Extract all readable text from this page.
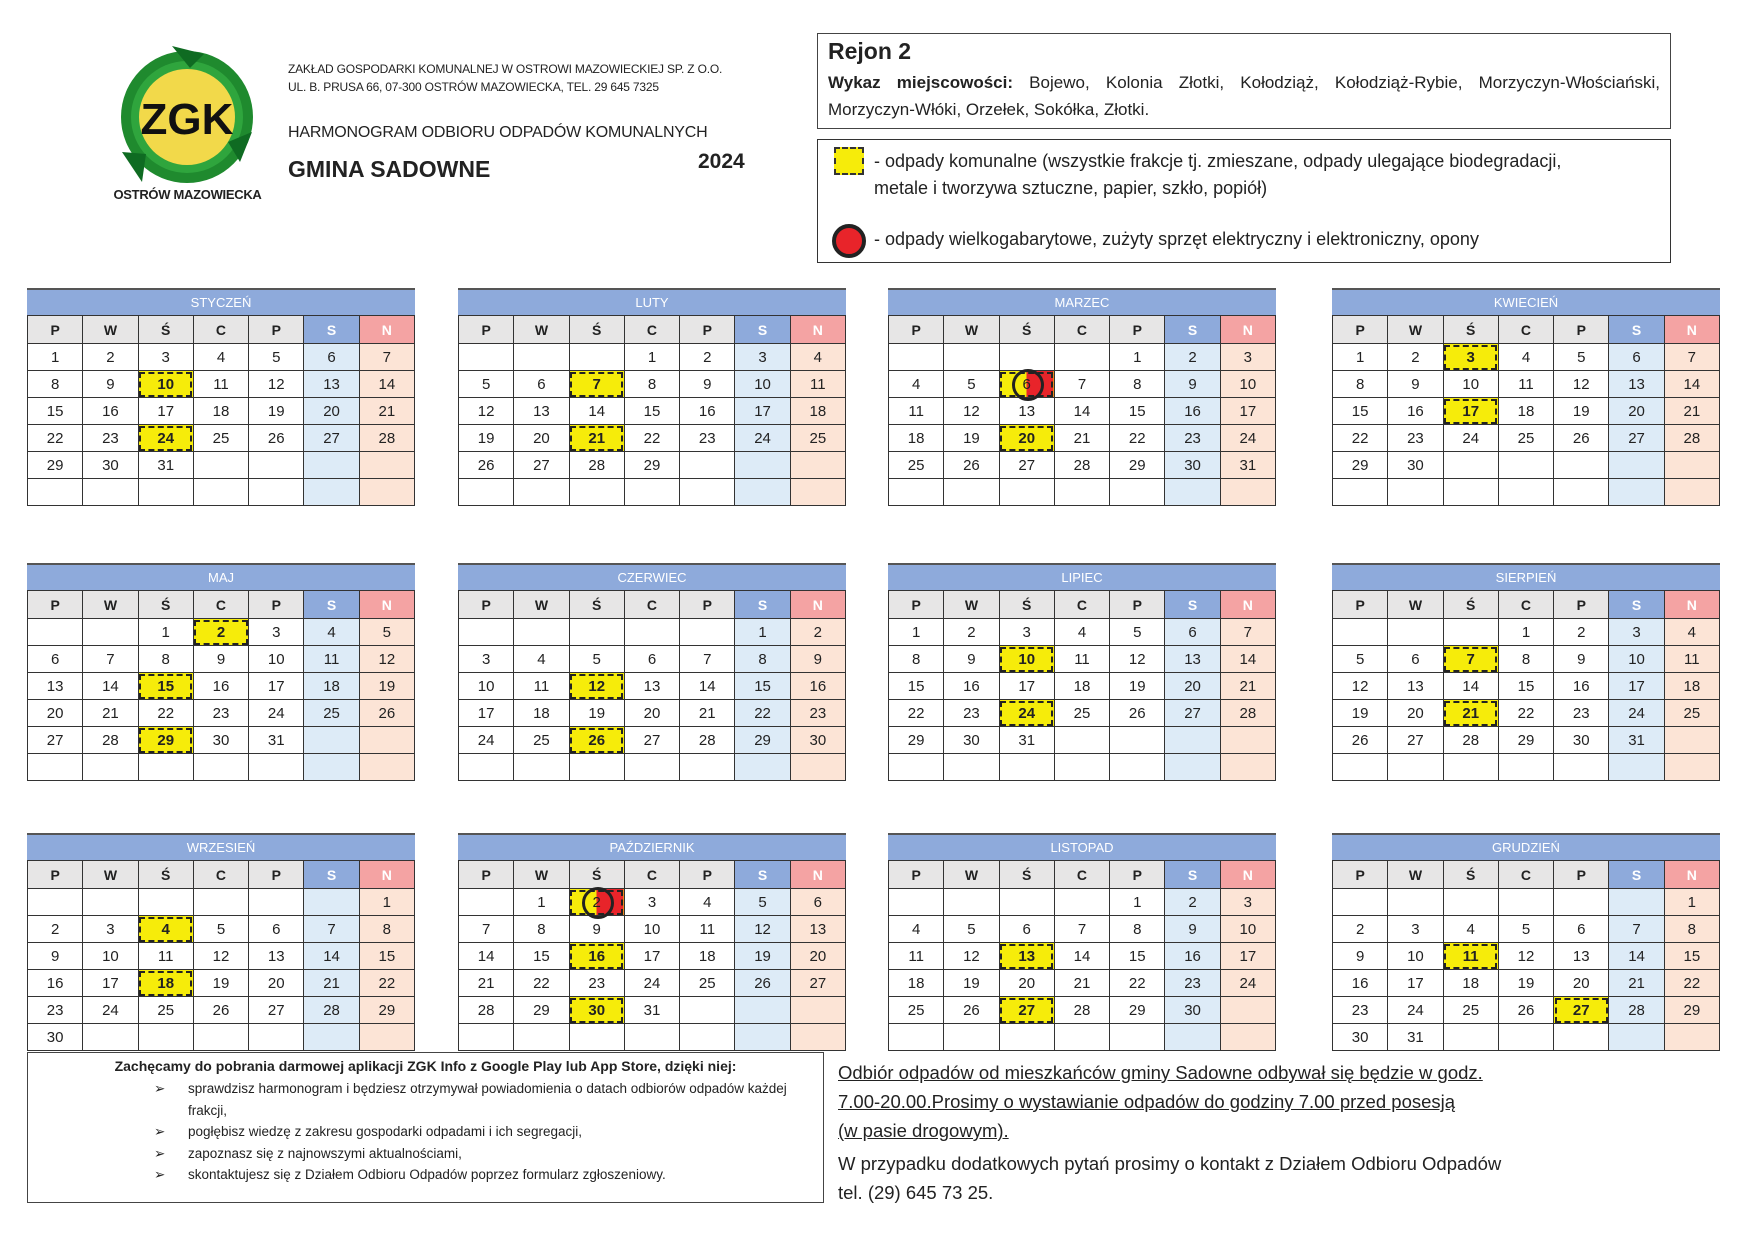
ZGK
OSTRÓW MAZOWIECKA
ZAKŁAD GOSPODARKI KOMUNALNEJ W OSTROWI MAZOWIECKIEJ SP. Z O.O.
UL. B. PRUSA 66, 07-300 OSTRÓW MAZOWIECKA, TEL. 29 645 7325
HARMONOGRAM ODBIORU ODPADÓW KOMUNALNYCH
GMINA SADOWNE	2024
Rejon 2
Wykaz miejscowości: Bojewo, Kolonia Złotki, Kołodziąż, Kołodziąż-Rybie, Morzyczyn-Włościański, Morzyczyn-Włóki, Orzełek, Sokółka, Złotki.
- odpady komunalne (wszystkie frakcje tj. zmieszane, odpady ulegające biodegradacji, metale i tworzywa sztuczne, papier, szkło, popiół)
- odpady wielkogabarytowe, zużyty sprzęt elektryczny i elektroniczny, opony
STYCZEŃ
P	W	Ś	C	P	S	N
1	2	3	4	5	6	7
8	9	10	11	12	13	14
15	16	17	18	19	20	21
22	23	24	25	26	27	28
29	30	31				

LUTY
P	W	Ś	C	P	S	N
			1	2	3	4
5	6	7	8	9	10	11
12	13	14	15	16	17	18
19	20	21	22	23	24	25
26	27	28	29			

MARZEC
P	W	Ś	C	P	S	N
				1	2	3
4	5	6	7	8	9	10
11	12	13	14	15	16	17
18	19	20	21	22	23	24
25	26	27	28	29	30	31

KWIECIEŃ
P	W	Ś	C	P	S	N
1	2	3	4	5	6	7
8	9	10	11	12	13	14
15	16	17	18	19	20	21
22	23	24	25	26	27	28
29	30					

MAJ
P	W	Ś	C	P	S	N
		1	2	3	4	5
6	7	8	9	10	11	12
13	14	15	16	17	18	19
20	21	22	23	24	25	26
27	28	29	30	31		

CZERWIEC
P	W	Ś	C	P	S	N
					1	2
3	4	5	6	7	8	9
10	11	12	13	14	15	16
17	18	19	20	21	22	23
24	25	26	27	28	29	30

LIPIEC
P	W	Ś	C	P	S	N
1	2	3	4	5	6	7
8	9	10	11	12	13	14
15	16	17	18	19	20	21
22	23	24	25	26	27	28
29	30	31				

SIERPIEŃ
P	W	Ś	C	P	S	N
			1	2	3	4
5	6	7	8	9	10	11
12	13	14	15	16	17	18
19	20	21	22	23	24	25
26	27	28	29	30	31	

WRZESIEŃ
P	W	Ś	C	P	S	N
						1
2	3	4	5	6	7	8
9	10	11	12	13	14	15
16	17	18	19	20	21	22
23	24	25	26	27	28	29
30						
PAŹDZIERNIK
P	W	Ś	C	P	S	N
	1	2	3	4	5	6
7	8	9	10	11	12	13
14	15	16	17	18	19	20
21	22	23	24	25	26	27
28	29	30	31			

LISTOPAD
P	W	Ś	C	P	S	N
				1	2	3
4	5	6	7	8	9	10
11	12	13	14	15	16	17
18	19	20	21	22	23	24
25	26	27	28	29	30	

GRUDZIEŃ
P	W	Ś	C	P	S	N
						1
2	3	4	5	6	7	8
9	10	11	12	13	14	15
16	17	18	19	20	21	22
23	24	25	26	27	28	29
30	31					
Zachęcamy do pobrania darmowej aplikacji ZGK Info z Google Play lub App Store, dzięki niej:
➢ sprawdzisz harmonogram i będziesz otrzymywał powiadomienia o datach odbiorów odpadów każdej frakcji,
➢ pogłębisz wiedzę z zakresu gospodarki odpadami i ich segregacji,
➢ zapoznasz się z najnowszymi aktualnościami,
➢ skontaktujesz się z Działem Odbioru Odpadów poprzez formularz zgłoszeniowy.
Odbiór odpadów od mieszkańców gminy Sadowne odbywał się będzie w godz.
7.00-20.00.Prosimy o wystawianie odpadów do godziny 7.00 przed posesją
(w pasie drogowym).
W przypadku dodatkowych pytań prosimy o kontakt z Działem Odbioru Odpadów
tel. (29) 645 73 25.
